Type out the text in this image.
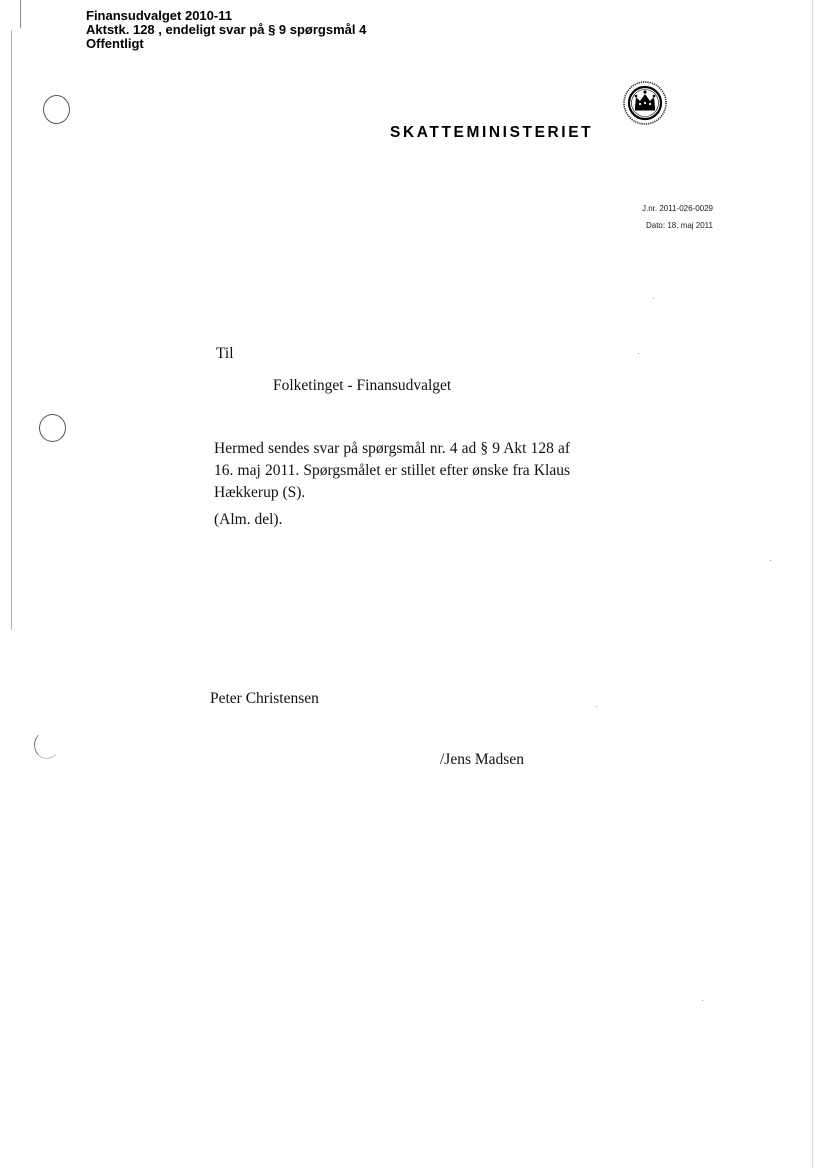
Finansudvalget 2010-11
Aktstk. 128 , endeligt svar på § 9 spørgsmål 4
Offentligt
SKATTEMINISTERIET
J.nr. 2011-026-0029
Dato: 18. maj 2011
Til
Folketinget - Finansudvalget
Hermed sendes svar på spørgsmål nr. 4 ad § 9 Akt 128 af 16. maj 2011. Spørgsmålet er stillet efter ønske fra Klaus Hækkerup (S).
(Alm. del).
Peter Christensen
/Jens Madsen
